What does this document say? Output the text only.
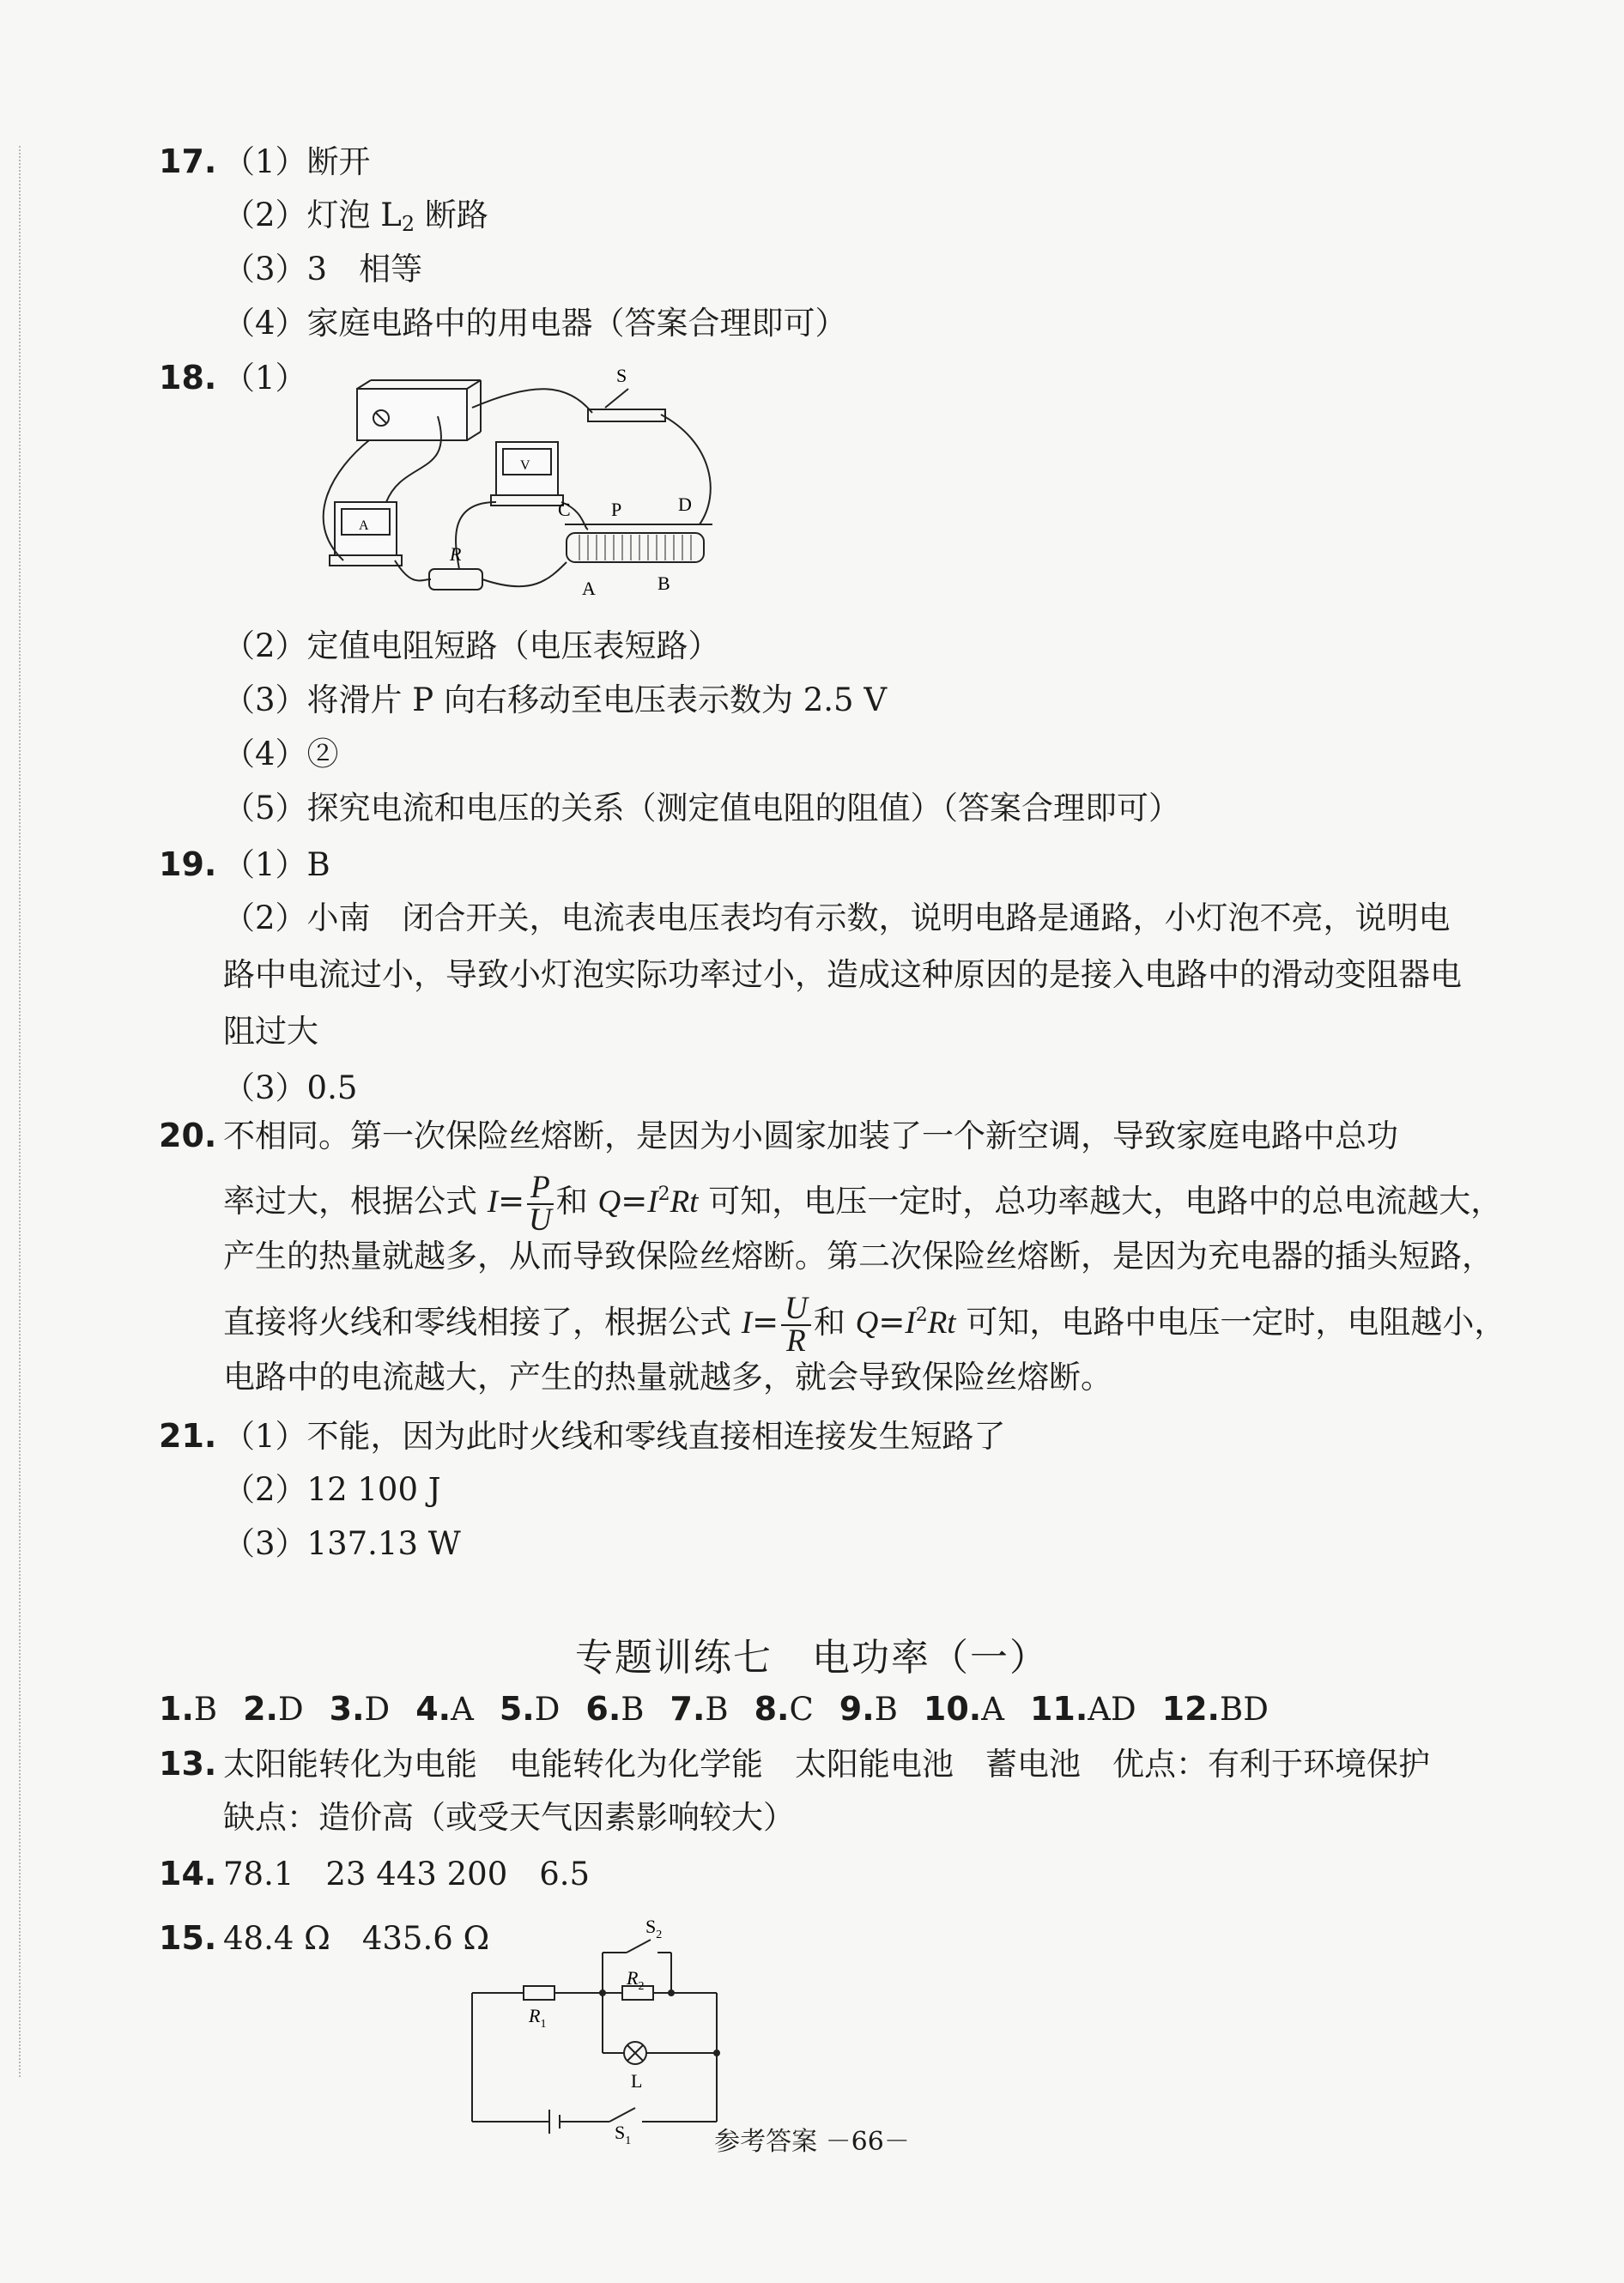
17. （1）断开
（2）灯泡 $L_2$ 断路
（3）3　相等
（4）家庭电路中的用电器（答案合理即可）
18. （1）	S
V
A
R
C P	D
A	B
（2）定值电阻短路（电压表短路）
（3）将滑片 P 向右移动至电压表示数为 2.5 V
（4）②
（5）探究电流和电压的关系（测定值电阻的阻值）（答案合理即可）
19. （1）B
（2）小南　闭合开关，电流表电压表均有示数，说明电路是通路，小灯泡不亮，说明电路中电流过小，导致小灯泡实际功率过小，造成这种原因的是接入电路中的滑动变阻器电阻过大
（3）0.5
20. 不相同。第一次保险丝熔断，是因为小圆家加装了一个新空调，导致家庭电路中总功
率过大，根据公式 $I= \frac{P}{U}$ 和 $Q=I^2Rt$ 可知，电压一定时，总功率越大，电路中的总电流越大，
产生的热量就越多，从而导致保险丝熔断。第二次保险丝熔断，是因为充电器的插头短路，
直接将火线和零线相接了，根据公式 $I= \frac{U}{R}$ 和 $Q=I^2Rt$ 可知，电路中电压一定时，电阻越小，
电路中的电流越大，产生的热量就越多，就会导致保险丝熔断。
21. （1）不能，因为此时火线和零线直接相连接发生短路了
（2）12 100 J
（3）137.13 W
专题训练七　电功率（一）
1.B 2.D 3.D 4.A 5.D 6.B 7.B 8.C 9.B 10.A 11.AD 12.BD
13. 太阳能转化为电能　电能转化为化学能　太阳能电池　蓄电池　优点：有利于环境保护
缺点：造价高（或受天气因素影响较大）
14. 78.1　23 443 200　6.5
15. 48.4 Ω　435.6 Ω	$S_2$
$R_1$
$R_2$
L
$S_1$	参考答案 －66－
